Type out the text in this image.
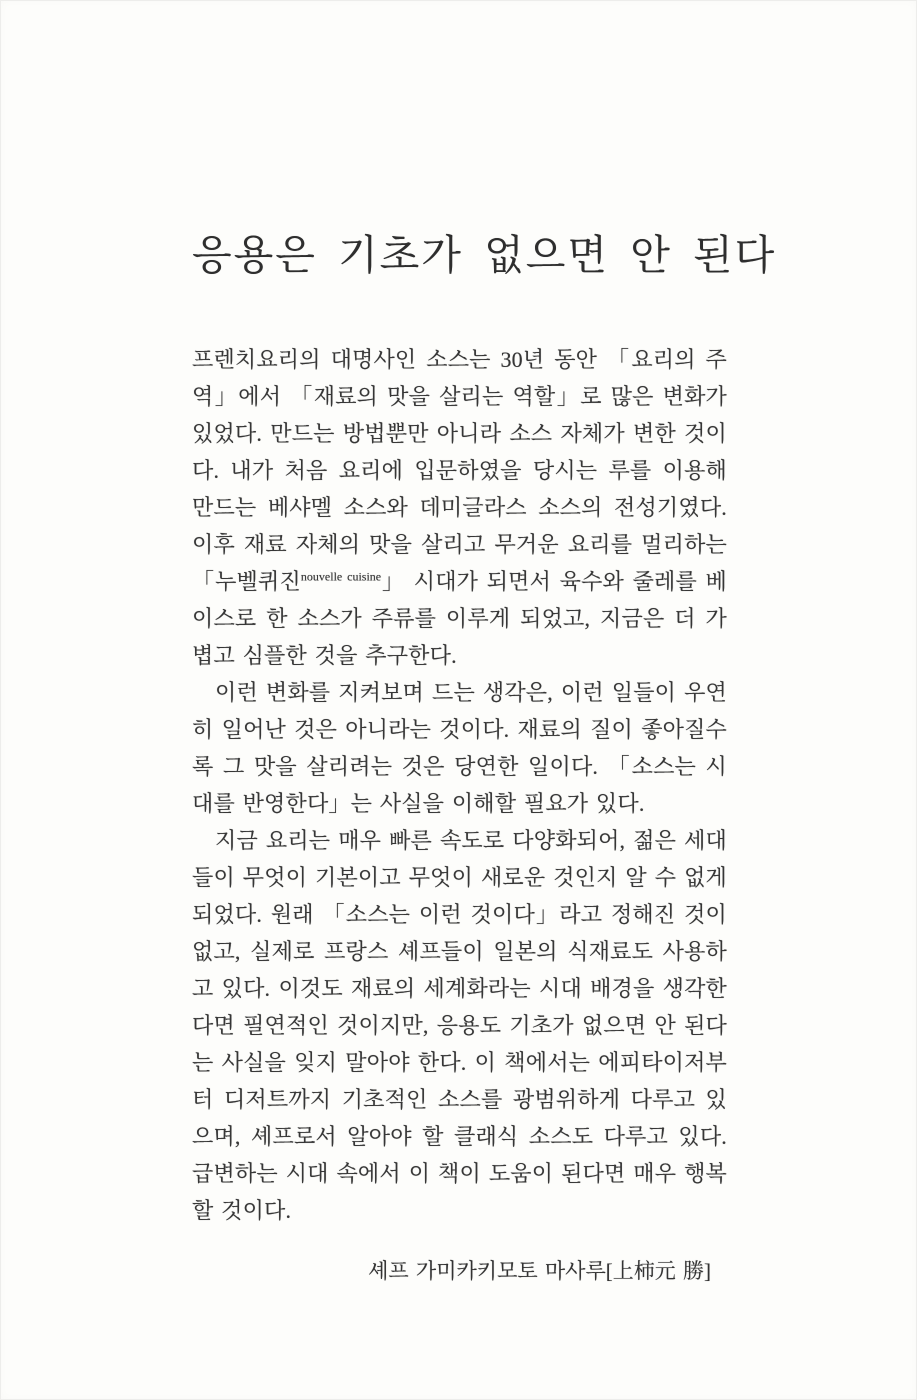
응용은 기초가 없으면 안 된다

프렌치요리의 대명사인 소스는 30년 동안 「요리의 주역」에서 「재료의 맛을 살리는 역할」로 많은 변화가 있었다. 만드는 방법뿐만 아니라 소스 자체가 변한 것이다. 내가 처음 요리에 입문하였을 당시는 루를 이용해 만드는 베샤멜 소스와 데미글라스 소스의 전성기였다. 이후 재료 자체의 맛을 살리고 무거운 요리를 멀리하는 「누벨퀴진$^{nouvelle cuisine}$」 시대가 되면서 육수와 줄레를 베이스로 한 소스가 주류를 이루게 되었고, 지금은 더 가볍고 심플한 것을 추구한다.

이런 변화를 지켜보며 드는 생각은, 이런 일들이 우연히 일어난 것은 아니라는 것이다. 재료의 질이 좋아질수록 그 맛을 살리려는 것은 당연한 일이다. 「소스는 시대를 반영한다」는 사실을 이해할 필요가 있다.

지금 요리는 매우 빠른 속도로 다양화되어, 젊은 세대들이 무엇이 기본이고 무엇이 새로운 것인지 알 수 없게 되었다. 원래 「소스는 이런 것이다」라고 정해진 것이 없고, 실제로 프랑스 셰프들이 일본의 식재료도 사용하고 있다. 이것도 재료의 세계화라는 시대 배경을 생각한다면 필연적인 것이지만, 응용도 기초가 없으면 안 된다는 사실을 잊지 말아야 한다. 이 책에서는 에피타이저부터 디저트까지 기초적인 소스를 광범위하게 다루고 있으며, 셰프로서 알아야 할 클래식 소스도 다루고 있다. 급변하는 시대 속에서 이 책이 도움이 된다면 매우 행복할 것이다.

셰프 가미카키모토 마사루[上柿元 勝]
